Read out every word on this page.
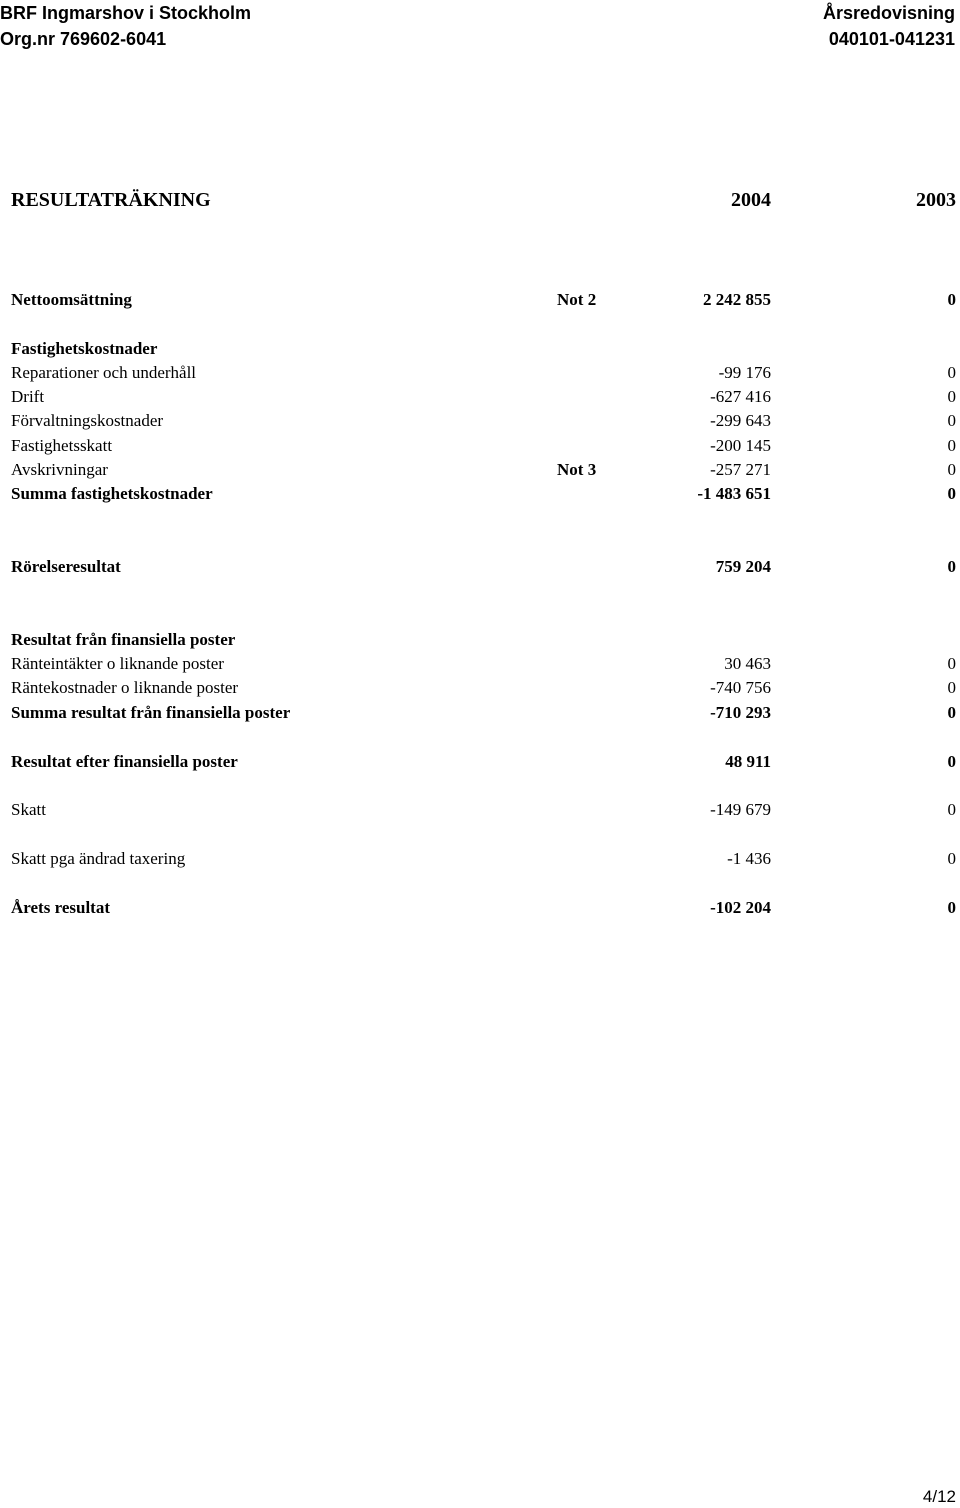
BRF Ingmarshov i Stockholm
Org.nr 769602-6041
Årsredovisning
040101-041231
RESULTATRÄKNING	2004	2003
Nettoomsättning	Not 2	2 242 855	0
Fastighetskostnader
Reparationer och underhåll	-99 176	0
Drift	-627 416	0
Förvaltningskostnader	-299 643	0
Fastighetsskatt	-200 145	0
Avskrivningar	Not 3	-257 271	0
Summa fastighetskostnader	-1 483 651	0
Rörelseresultat	759 204	0
Resultat från finansiella poster
Ränteintäkter o liknande poster	30 463	0
Räntekostnader o liknande poster	-740 756	0
Summa resultat från finansiella poster	-710 293	0
Resultat efter finansiella poster	48 911	0
Skatt	-149 679	0
Skatt pga ändrad taxering	-1 436	0
Årets resultat	-102 204	0
4/12
